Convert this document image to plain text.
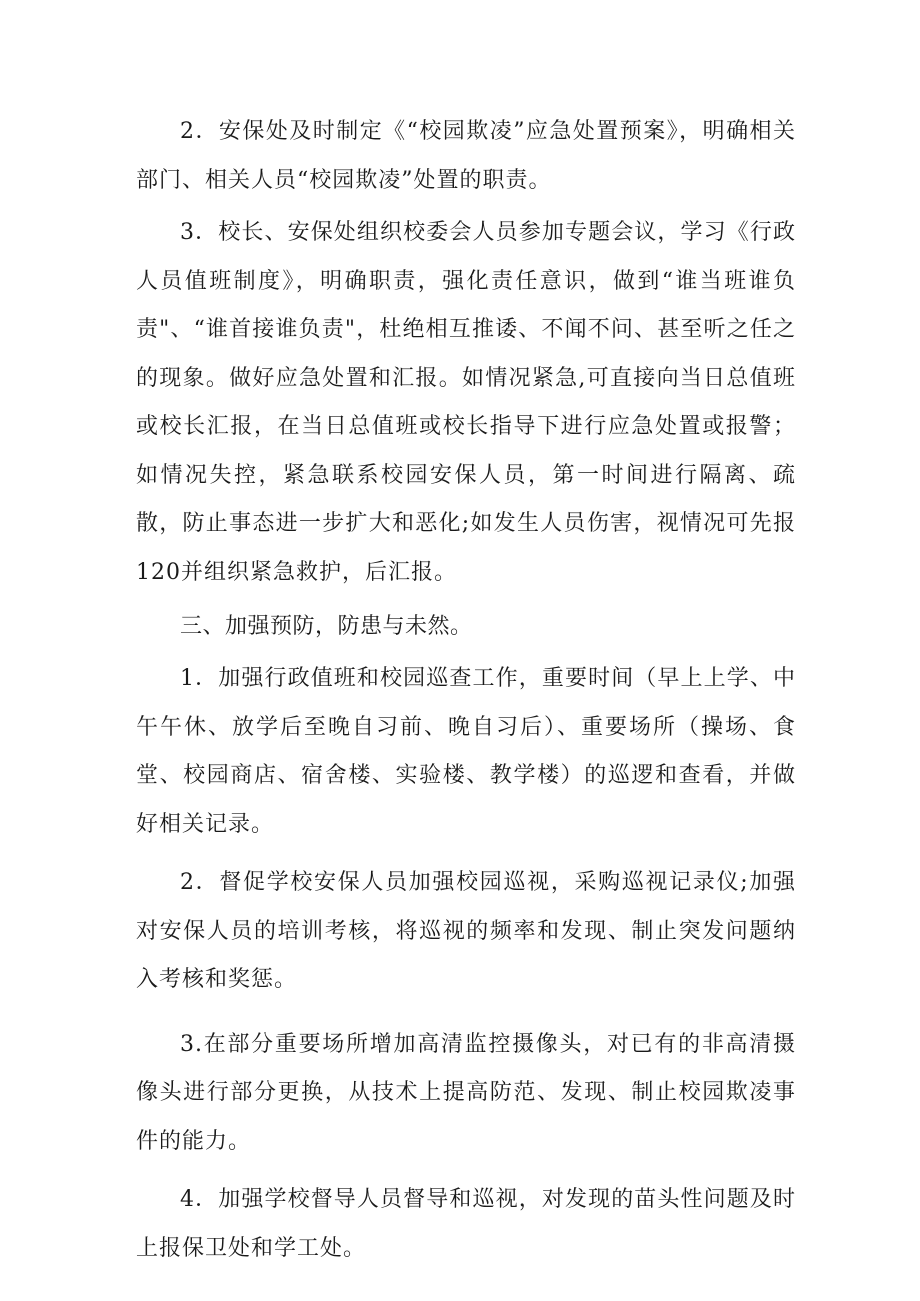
2．安保处及时制定《“校园欺凌”应急处置预案》，明确相关部门、相关人员“校园欺凌”处置的职责。

3．校长、安保处组织校委会人员参加专题会议，学习《行政人员值班制度》，明确职责，强化责任意识，做到“谁当班谁负责"、“谁首接谁负责"，杜绝相互推诿、不闻不问、甚至听之任之的现象。做好应急处置和汇报。如情况紧急,可直接向当日总值班或校长汇报，在当日总值班或校长指导下进行应急处置或报警；如情况失控，紧急联系校园安保人员，第一时间进行隔离、疏散，防止事态进一步扩大和恶化;如发生人员伤害，视情况可先报120并组织紧急救护，后汇报。

三、加强预防，防患与未然。

1．加强行政值班和校园巡查工作，重要时间（早上上学、中午午休、放学后至晚自习前、晚自习后）、重要场所（操场、食堂、校园商店、宿舍楼、实验楼、教学楼）的巡逻和查看，并做好相关记录。

2．督促学校安保人员加强校园巡视，采购巡视记录仪;加强对安保人员的培训考核，将巡视的频率和发现、制止突发问题纳入考核和奖惩。

3.在部分重要场所增加高清监控摄像头，对已有的非高清摄像头进行部分更换，从技术上提高防范、发现、制止校园欺凌事件的能力。

4．加强学校督导人员督导和巡视，对发现的苗头性问题及时上报保卫处和学工处。
